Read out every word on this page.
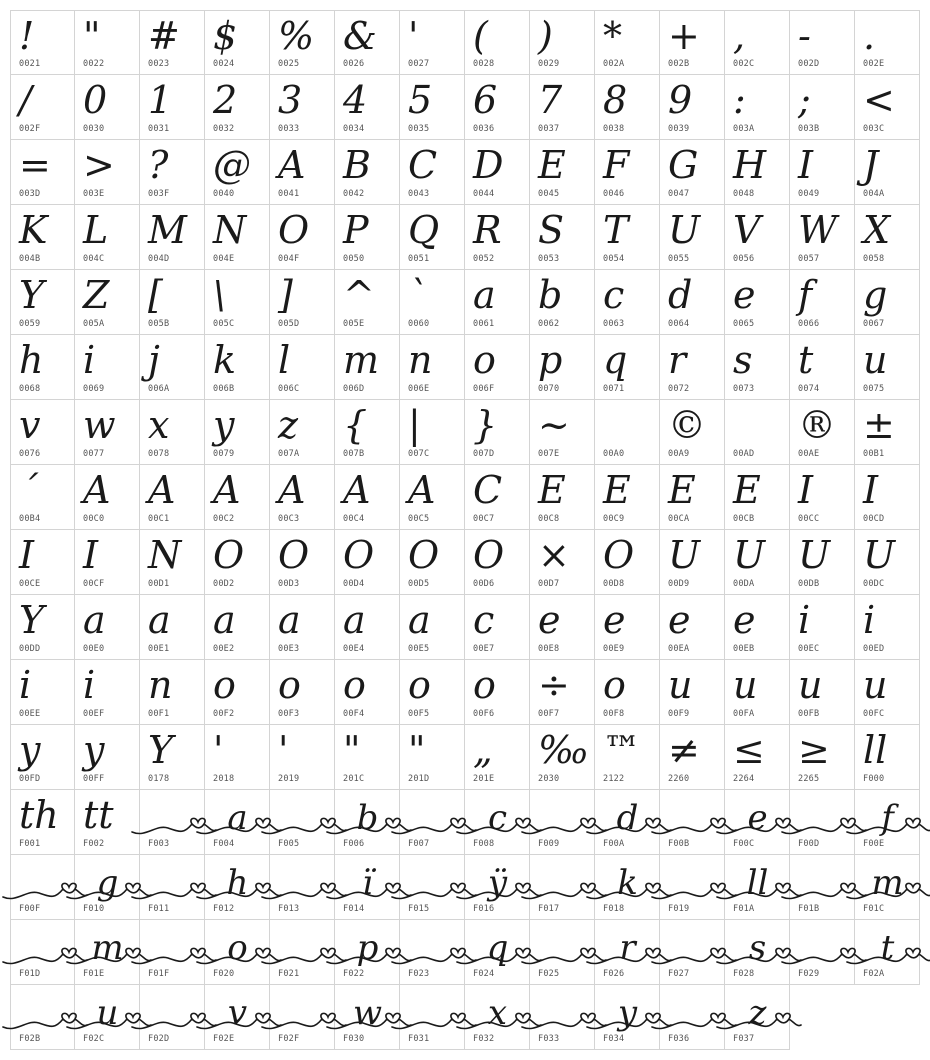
!
0021
"
0022
#
0023
$
0024
%
0025
&
0026
'
0027
(
0028
)
0029
*
002A
+
002B
,
002C
-
002D
.
002E
/
002F
0
0030
1
0031
2
0032
3
0033
4
0034
5
0035
6
0036
7
0037
8
0038
9
0039
:
003A
;
003B
<
003C
=
003D
>
003E
?
003F
@
0040
A
0041
B
0042
C
0043
D
0044
E
0045
F
0046
G
0047
H
0048
I
0049
J
004A
K
004B
L
004C
M
004D
N
004E
O
004F
P
0050
Q
0051
R
0052
S
0053
T
0054
U
0055
V
0056
W
0057
X
0058
Y
0059
Z
005A
[
005B
\
005C
]
005D
^
005E
`
0060
a
0061
b
0062
c
0063
d
0064
e
0065
f
0066
g
0067
h
0068
i
0069
j
006A
k
006B
l
006C
m
006D
n
006E
o
006F
p
0070
q
0071
r
0072
s
0073
t
0074
u
0075
v
0076
w
0077
x
0078
y
0079
z
007A
{
007B
|
007C
}
007D
~
007E	00A0
©
00A9	00AD
®
00AE
±
00B1
´
00B4
A
00C0
A
00C1
A
00C2
A
00C3
A
00C4
A
00C5
C
00C7
E
00C8
E
00C9
E
00CA
E
00CB
I
00CC
I
00CD
I
00CE
I
00CF
N
00D1
O
00D2
O
00D3
O
00D4
O
00D5
O
00D6
×
00D7
O
00D8
U
00D9
U
00DA
U
00DB
U
00DC
Y
00DD
a
00E0
a
00E1
a
00E2
a
00E3
a
00E4
a
00E5
c
00E7
e
00E8
e
00E9
e
00EA
e
00EB
i
00EC
i
00ED
i
00EE
i
00EF
n
00F1
o
00F2
o
00F3
o
00F4
o
00F5
o
00F6
÷
00F7
o
00F8
u
00F9
u
00FA
u
00FB
u
00FC
y
00FD
y
00FF
Y
0178
'
2018
'
2019
"
201C
"
201D
„
201E
‰
2030
™
2122
≠
2260
≤
2264
≥
2265
ll
F000
th
F001
tt
F002	F003
a
F004	F005
b
F006	F007
c
F008	F009
d
F00A	F00B
e
F00C	F00D
f
F00E
F00F
g
F010	F011
h
F012	F013
ï
F014	F015
ÿ
F016	F017
k
F018	F019
ll
F01A	F01B
m
F01C
F01D
m
F01E	F01F
o
F020	F021
p
F022	F023
q
F024	F025
r
F026	F027
s
F028	F029
t
F02A
F02B
u
F02C	F02D
v
F02E	F02F
w
F030	F031
x
F032	F033
y
F034	F036
z
F037
